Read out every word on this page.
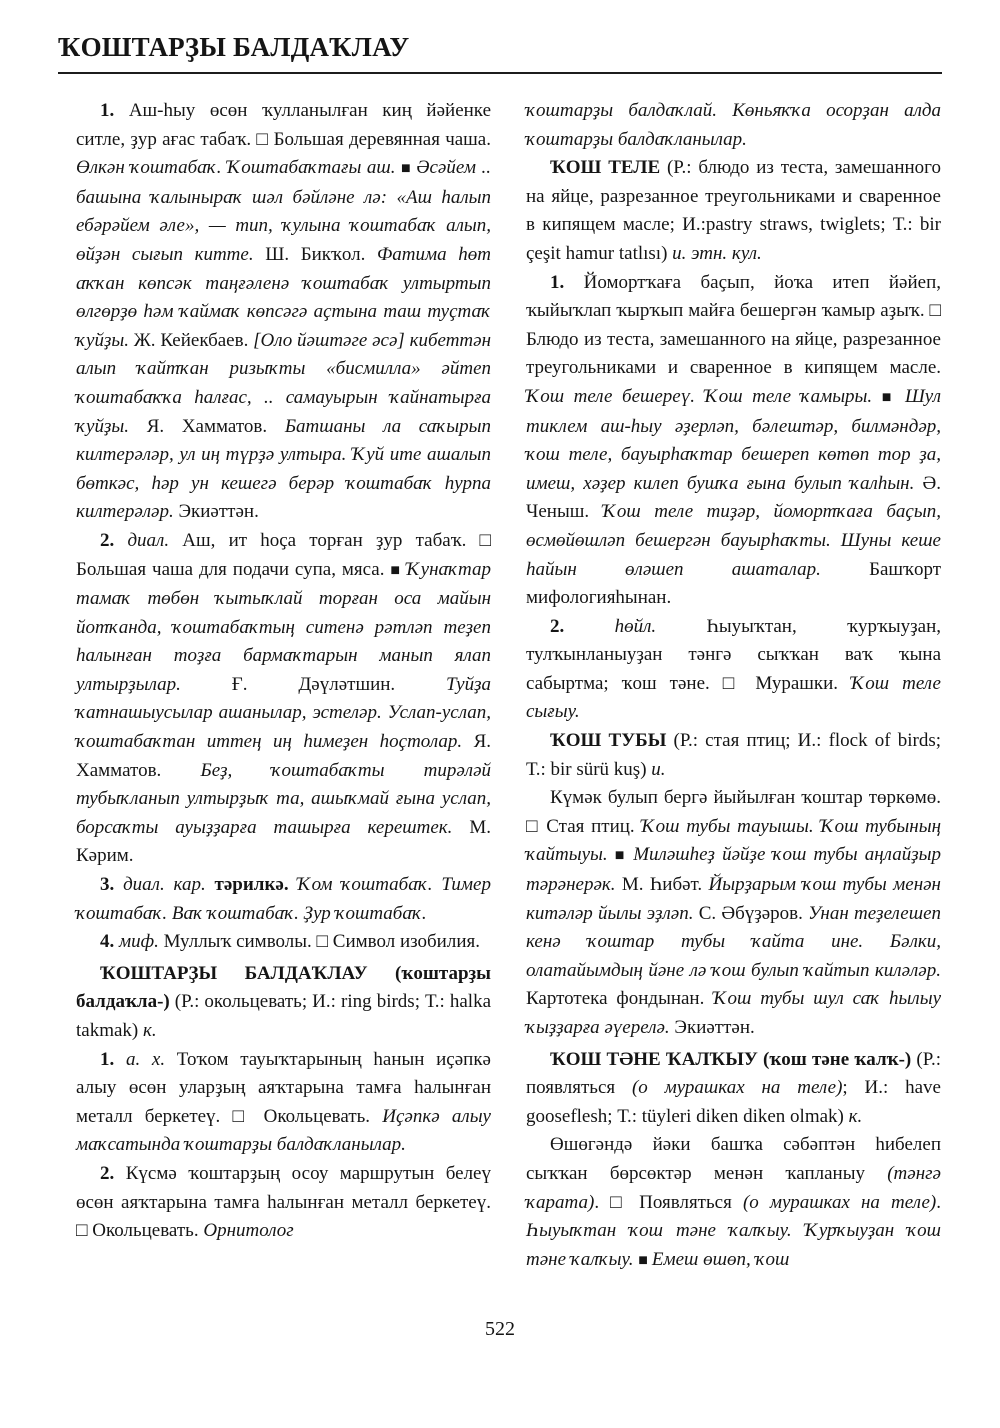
ҠОШТАРҘЫ БАЛДАҠЛАУ

1. Аш-һыу өсөн ҡулланылған киң йәйенке ситле, ҙур ағас табаҡ. □ Большая деревянная чаша. Өлкән ҡоштабаҡ. Ҡоштабаҡтағы аш. ■ Әсәйем .. башына ҡалыныраҡ шәл бәйләне лә: «Аш һалып ебәрәйем әле», — тип, ҡулына ҡоштабаҡ алып, өйҙән сығып китте. Ш. Бикҡол. Фатима һөт аҡҡан көпсәк таңғәленә ҡоштабаҡ ултыртып өлгөрҙө һәм ҡаймаҡ көпсәгә аҫтына таш туҫтаҡ ҡуйҙы. Ж. Кейекбаев. [Оло йәштәге әсә] кибеттән алып ҡайтҡан ризыҡты «бисмилла» әйтеп ҡоштабаҡҡа һалғас, .. самауырын ҡайнатырға ҡуйҙы. Я. Хамматов. Батшаны ла саҡырып килтерәләр, ул иң түрҙә ултыра. Ҡуй ите ашалып бөткәс, һәр ун кешегә берәр ҡоштабаҡ һурпа килтерәләр. Экиәттән.

2. диал. Аш, ит һоҫа торған ҙур табаҡ. □ Большая чаша для подачи супа, мяса. ■ Ҡунаҡтар тамаҡ төбөн ҡытыҡлай торған оса майын йотҡанда, ҡоштабаҡтың ситенә рәтләп теҙеп һалынған тоҙға бармаҡтарын манып ялап ултырҙылар. Ғ. Дәүләтшин. Туйҙа ҡатнашыусылар ашанылар, эстеләр. Услап-услап, ҡоштабаҡтан иттең иң һимеҙен һоҫтолар. Я. Хамматов. Беҙ, ҡоштабаҡты тирәләй тубыҡланып ултырҙыҡ та, ашыҡмай ғына услап, борсаҡты ауыҙҙарға ташырға керештек. М. Кәрим.

3. диал. кар. тәрилкә. Ҡом ҡоштабаҡ. Тимер ҡоштабаҡ. Ваҡ ҡоштабаҡ. Ҙур ҡоштабаҡ.

4. миф. Муллыҡ символы. □ Символ изобилия.

ҠОШТАРҘЫ БАЛДАҠЛАУ (ҡоштарҙы балдаҡла-) (Р.: окольцевать; И.: ring birds; Т.: halka takmak) к.

1. а. х. Тоҡом тауыҡтарының һанын иҫәпкә алыу өсөн уларҙың аяҡтарына тамға һалынған металл беркетеү. □ Окольцевать. Иҫәпкә алыу маҡсатында ҡоштарҙы балдаҡланылар.

2. Күсмә ҡоштарҙың осоу маршрутын белеү өсөн аяҡтарына тамға һалынған металл беркетеү. □ Окольцевать. Орнитолог

ҡоштарҙы балдаҡлай. Көньяҡҡа осорҙан алда ҡоштарҙы балдаҡланылар.

ҠОШ ТЕЛЕ (Р.: блюдо из теста, замешанного на яйце, разрезанное треугольниками и сваренное в кипящем масле; И.:pastry straws, twiglets; Т.: bir çeşit hamur tatlısı) и. этн. кул.

1. Йомортҡаға баҫып, йоҡа итеп йәйеп, ҡыйыҡлап ҡырҡып майға бешергән ҡамыр аҙыҡ. □ Блюдо из теста, замешанного на яйце, разрезанное треугольниками и сваренное в кипящем масле. Ҡош теле бешереү. Ҡош теле ҡамыры. ■ Шул тиклем аш-һыу әҙерләп, бәлештәр, билмәндәр, ҡош теле, бауырһаҡтар бешереп көтөп тор ҙа, имеш, хәҙер килеп бушҡа ғына булып ҡалһын. Ә. Ченыш. Ҡош теле тиҙәр, йомортҡаға баҫып, өсмөйөшләп бешергән бауырһаҡты. Шуны кеше һайын өләшеп ашаталар. Башҡорт мифологияһынан.

2. һөйл. Һыуыҡтан, ҡурҡыуҙан, тулҡынланыуҙан тәнгә сыҡҡан ваҡ ҡына сабыртма; ҡош тәне. □ Мурашки. Ҡош теле сығыу.

ҠОШ ТУБЫ (Р.: стая птиц; И.: flock of birds; Т.: bir sürü kuş) и.

Күмәк булып бергә йыйылған ҡоштар төркөмө. □ Стая птиц. Ҡош тубы тауышы. Ҡош тубының ҡайтыуы. ■ Миләшһеҙ йәйҙе ҡош тубы аңлайҙыр тәрәнерәк. М. Һибәт. Йырҙарым ҡош тубы менән китәләр йылы эҙләп. С. Әбүҙәров. Унан теҙелешеп кенә ҡоштар тубы ҡайта ине. Бәлки, олатайымдың йәне лә ҡош булып ҡайтып киләләр. Картотека фондынан. Ҡош тубы шул саҡ һылыу ҡыҙҙарға әүерелә. Экиәттән.

ҠОШ ТӘНЕ ҠАЛҠЫУ (ҡош тәне ҡалҡ-) (Р.: появляться (о мурашках на теле); И.: have gooseflesh; Т.: tüyleri diken diken olmak) к.

Өшөгәндә йәки башҡа сәбәптән һибелеп сыҡҡан бөрсөктәр менән ҡапланыу (тәнгә ҡарата). □ Появляться (о мурашках на теле). Һыуыҡтан ҡош тәне ҡалҡыу. Ҡурҡыуҙан ҡош тәне ҡалҡыу. ■ Емеш өшөп, ҡош

522
